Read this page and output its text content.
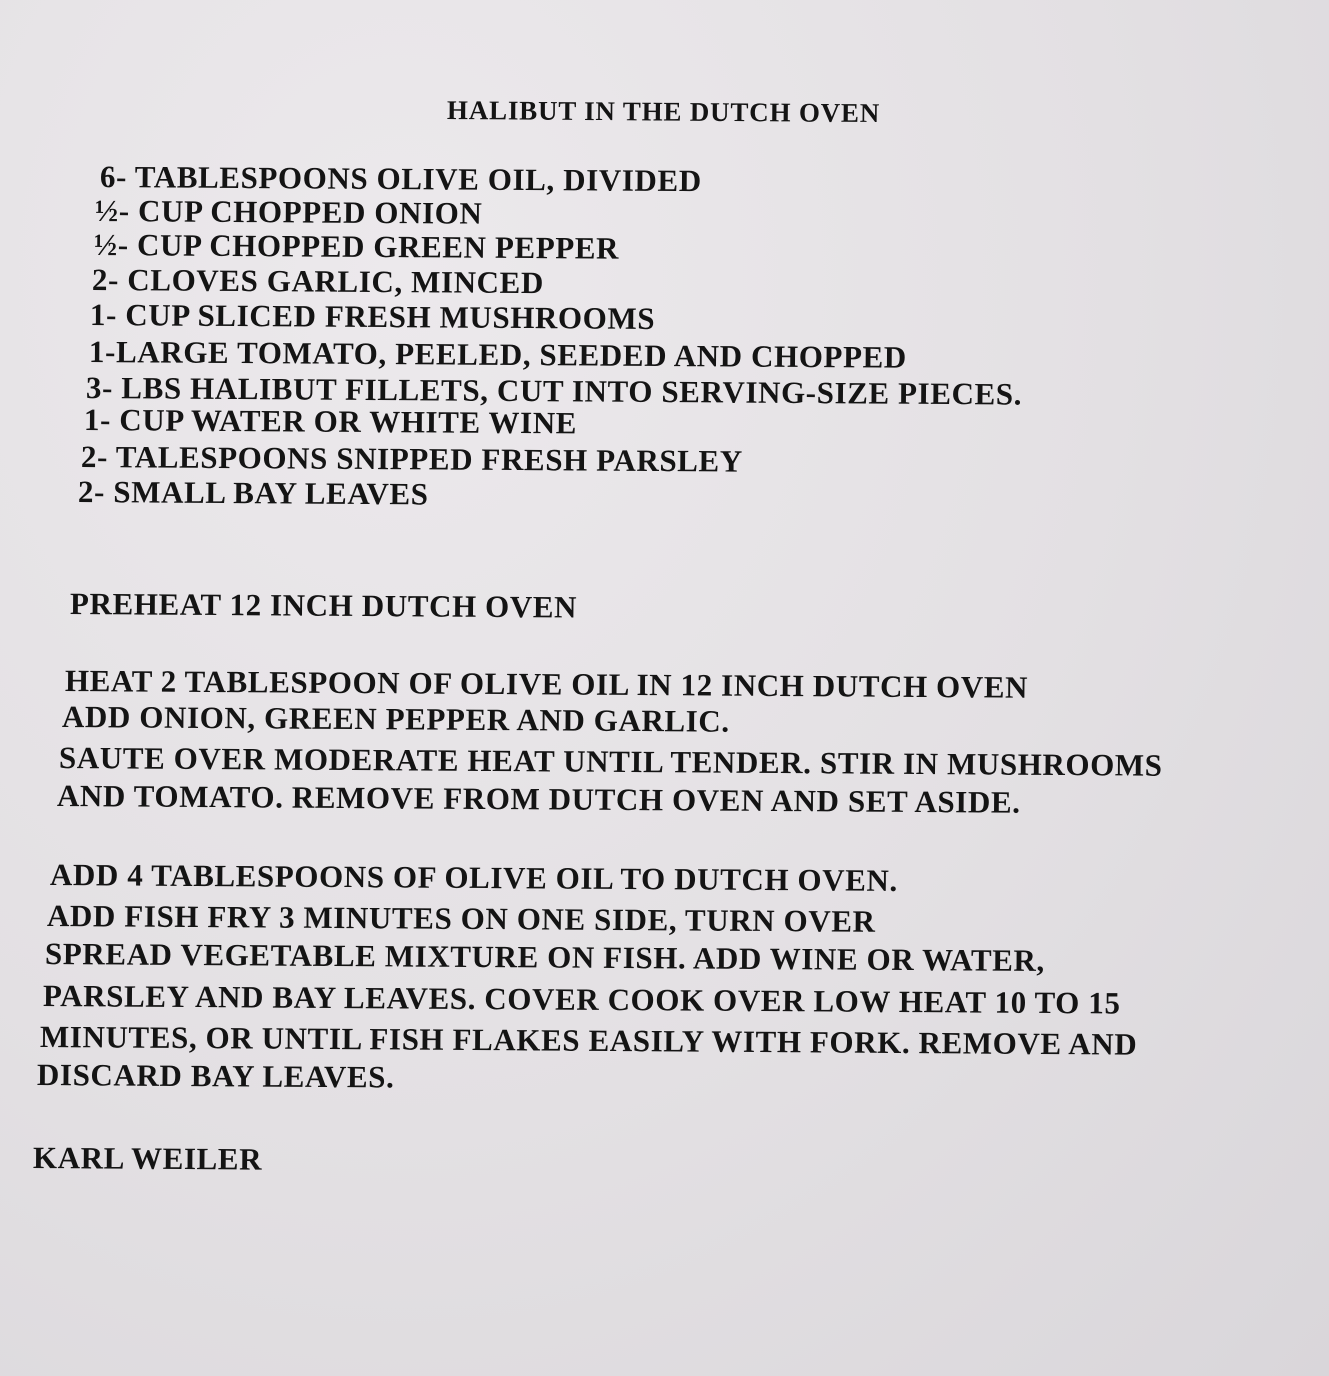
HALIBUT IN THE DUTCH OVEN
6- TABLESPOONS OLIVE OIL, DIVIDED
½- CUP CHOPPED ONION
½- CUP CHOPPED GREEN PEPPER
2- CLOVES GARLIC, MINCED
1- CUP SLICED FRESH MUSHROOMS
1-LARGE TOMATO, PEELED, SEEDED AND CHOPPED
3- LBS HALIBUT FILLETS, CUT INTO SERVING-SIZE PIECES.
1- CUP WATER OR WHITE WINE
2- TALESPOONS SNIPPED FRESH PARSLEY
2- SMALL BAY LEAVES
PREHEAT 12 INCH DUTCH OVEN
HEAT 2 TABLESPOON OF OLIVE OIL IN 12 INCH DUTCH OVEN
ADD ONION, GREEN PEPPER AND GARLIC.
SAUTE OVER MODERATE HEAT UNTIL TENDER. STIR IN MUSHROOMS
AND TOMATO. REMOVE FROM DUTCH OVEN AND SET ASIDE.
ADD 4 TABLESPOONS OF OLIVE OIL TO DUTCH OVEN.
ADD FISH FRY 3 MINUTES ON ONE SIDE, TURN OVER
SPREAD VEGETABLE MIXTURE ON FISH. ADD WINE OR WATER,
PARSLEY AND BAY LEAVES. COVER COOK OVER LOW HEAT 10 TO 15
MINUTES, OR UNTIL FISH FLAKES EASILY WITH FORK. REMOVE AND
DISCARD BAY LEAVES.
KARL WEILER
